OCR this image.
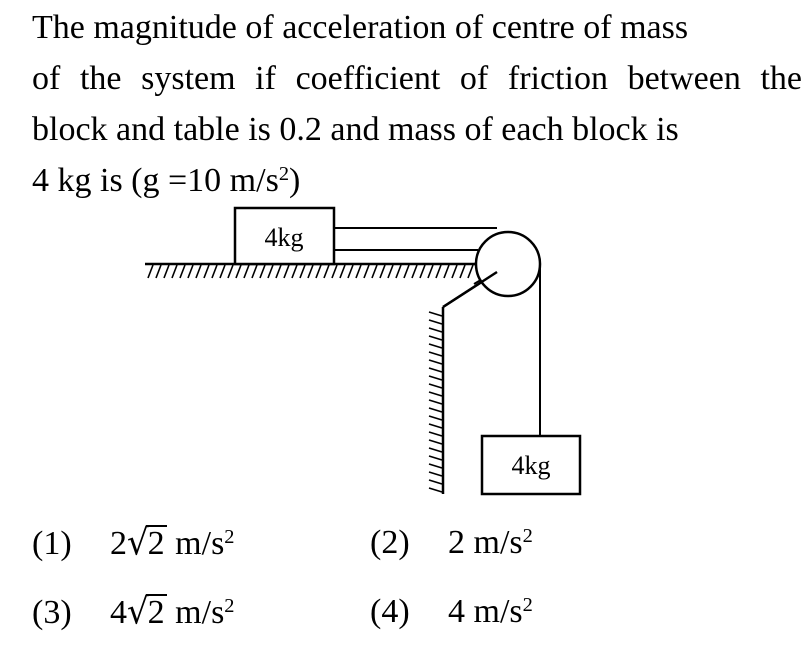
The magnitude of acceleration of centre of mass
of the system if coefficient of friction between the
block and table is 0.2 and mass of each block is
4 kg is (g =10 $m/s^2$)
4kg
4kg
(1) 2√2 $m/s^2$	(2) 2 $m/s^2$
(3) 4√2 $m/s^2$	(4) 4 $m/s^2$
